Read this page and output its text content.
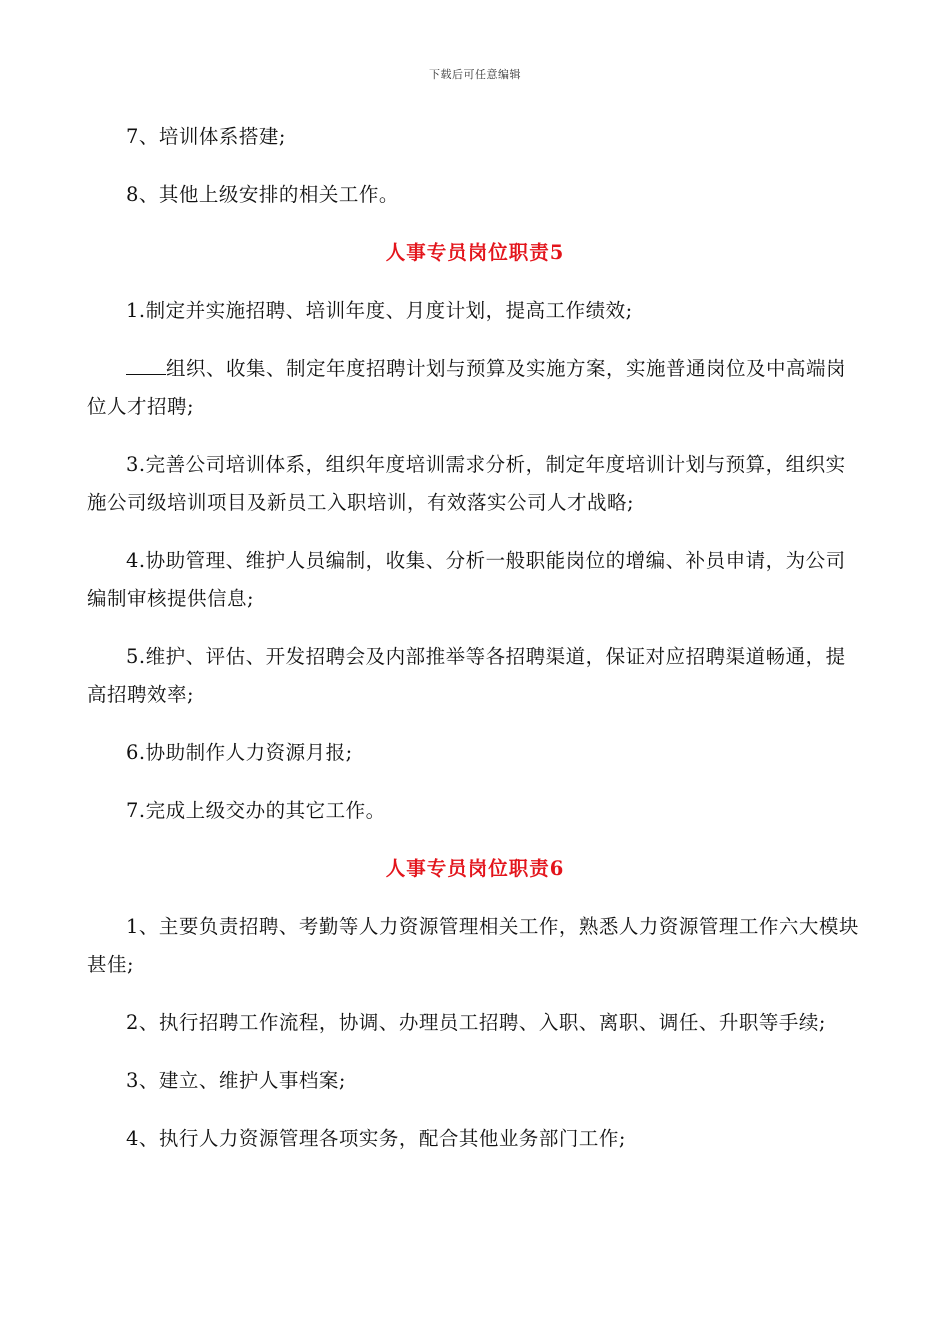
下载后可任意编辑

7、培训体系搭建;

8、其他上级安排的相关工作。

人事专员岗位职责5

1.制定并实施招聘、培训年度、月度计划，提高工作绩效;

组织、收集、制定年度招聘计划与预算及实施方案，实施普通岗位及中高端岗位人才招聘;

3.完善公司培训体系，组织年度培训需求分析，制定年度培训计划与预算，组织实施公司级培训项目及新员工入职培训，有效落实公司人才战略;

4.协助管理、维护人员编制，收集、分析一般职能岗位的增编、补员申请，为公司编制审核提供信息;

5.维护、评估、开发招聘会及内部推举等各招聘渠道，保证对应招聘渠道畅通，提高招聘效率;

6.协助制作人力资源月报;

7.完成上级交办的其它工作。

人事专员岗位职责6

1、主要负责招聘、考勤等人力资源管理相关工作，熟悉人力资源管理工作六大模块甚佳;

2、执行招聘工作流程，协调、办理员工招聘、入职、离职、调任、升职等手续;

3、建立、维护人事档案;

4、执行人力资源管理各项实务，配合其他业务部门工作;
